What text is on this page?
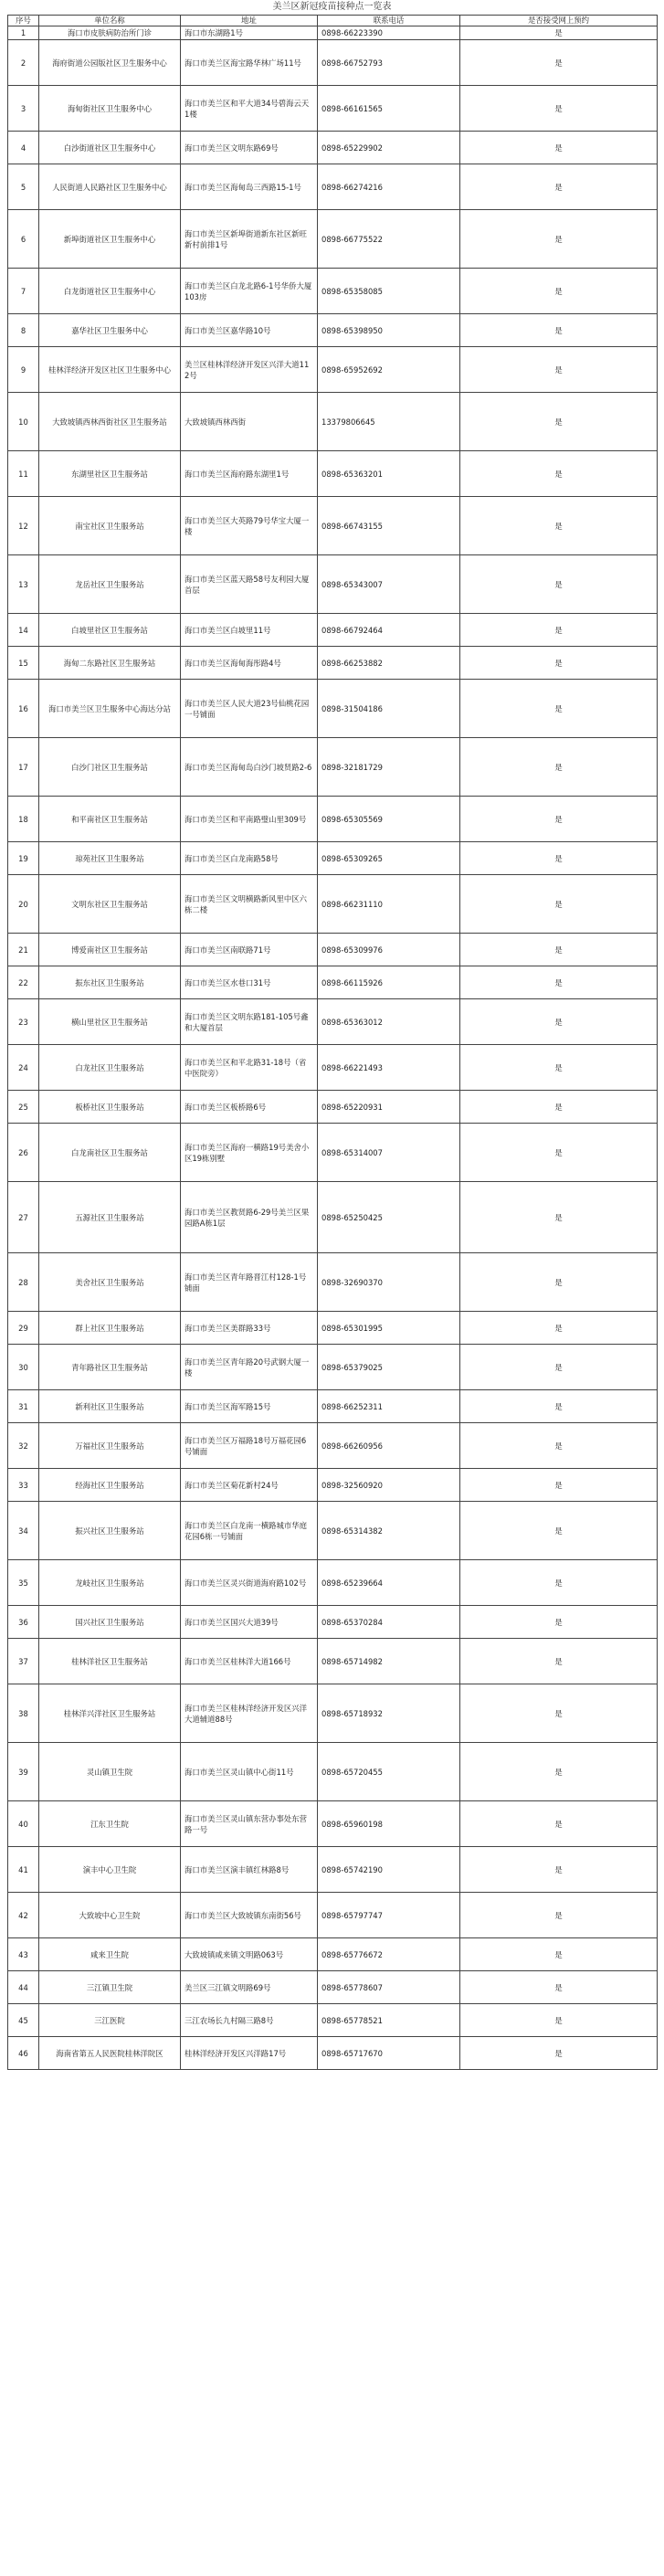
美兰区新冠疫苗接种点一览表
序号	单位名称	地址	联系电话	是否接受网上预约
1	海口市皮肤病防治所门诊	海口市东湖路1号	0898-66223390	是
2	海府街道公园版社区卫生服务中心	海口市美兰区海宝路华林广场11号	0898-66752793	是
3	海甸街社区卫生服务中心	海口市美兰区和平大道34号碧海云天1楼	0898-66161565	是
4	白沙街道社区卫生服务中心	海口市美兰区文明东路69号	0898-65229902	是
5	人民街道人民路社区卫生服务中心	海口市美兰区海甸岛三西路15-1号	0898-66274216	是
6	新埠街道社区卫生服务中心	海口市美兰区新埠街道新东社区新旺新村前排1号	0898-66775522	是
7	白龙街道社区卫生服务中心	海口市美兰区白龙北路6-1号华侨大厦103房	0898-65358085	是
8	嘉华社区卫生服务中心	海口市美兰区嘉华路10号	0898-65398950	是
9	桂林洋经济开发区社区卫生服务中心	美兰区桂林洋经济开发区兴洋大道112号	0898-65952692	是
10	大致坡镇西林西街社区卫生服务站	大致坡镇西林西街	13379806645	是
11	东湖里社区卫生服务站	海口市美兰区海府路东湖里1号	0898-65363201	是
12	南宝社区卫生服务站	海口市美兰区大英路79号华宝大厦一楼	0898-66743155	是
13	龙岳社区卫生服务站	海口市美兰区蓝天路58号友利园大厦首层	0898-65343007	是
14	白坡里社区卫生服务站	海口市美兰区白坡里11号	0898-66792464	是
15	海甸二东路社区卫生服务站	海口市美兰区海甸海彤路4号	0898-66253882	是
16	海口市美兰区卫生服务中心海达分站	海口市美兰区人民大道23号仙桃花园一号铺面	0898-31504186	是
17	白沙门社区卫生服务站	海口市美兰区海甸岛白沙门坡贤路2-6	0898-32181729	是
18	和平南社区卫生服务站	海口市美兰区和平南路璧山里309号	0898-65305569	是
19	琼苑社区卫生服务站	海口市美兰区白龙南路58号	0898-65309265	是
20	文明东社区卫生服务站	海口市美兰区文明横路新风里中区六栋二楼	0898-66231110	是
21	博爱南社区卫生服务站	海口市美兰区南联路71号	0898-65309976	是
22	振东社区卫生服务站	海口市美兰区水巷口31号	0898-66115926	是
23	横山里社区卫生服务站	海口市美兰区文明东路181-105号鑫和大厦首层	0898-65363012	是
24	白龙社区卫生服务站	海口市美兰区和平北路31-18号（省中医院旁）	0898-66221493	是
25	板桥社区卫生服务站	海口市美兰区板桥路6号	0898-65220931	是
26	白龙南社区卫生服务站	海口市美兰区海府一横路19号美舍小区19栋别墅	0898-65314007	是
27	五源社区卫生服务站	海口市美兰区教贤路6-29号美兰区果园路A栋1层	0898-65250425	是
28	美舍社区卫生服务站	海口市美兰区青年路晋江村128-1号铺面	0898-32690370	是
29	群上社区卫生服务站	海口市美兰区美群路33号	0898-65301995	是
30	青年路社区卫生服务站	海口市美兰区青年路20号武钢大厦一楼	0898-65379025	是
31	新利社区卫生服务站	海口市美兰区海军路15号	0898-66252311	是
32	万福社区卫生服务站	海口市美兰区万福路18号万福花园6号铺面	0898-66260956	是
33	经海社区卫生服务站	海口市美兰区菊花新村24号	0898-32560920	是
34	振兴社区卫生服务站	海口市美兰区白龙南一横路城市华庭花园6栋一号铺面	0898-65314382	是
35	龙岐社区卫生服务站	海口市美兰区灵兴街道海府路102号	0898-65239664	是
36	国兴社区卫生服务站	海口市美兰区国兴大道39号	0898-65370284	是
37	桂林洋社区卫生服务站	海口市美兰区桂林洋大道166号	0898-65714982	是
38	桂林洋兴洋社区卫生服务站	海口市美兰区桂林洋经济开发区兴洋大道辅道88号	0898-65718932	是
39	灵山镇卫生院	海口市美兰区灵山镇中心街11号	0898-65720455	是
40	江东卫生院	海口市美兰区灵山镇东营办事处东营路一号	0898-65960198	是
41	演丰中心卫生院	海口市美兰区演丰镇红林路8号	0898-65742190	是
42	大致坡中心卫生院	海口市美兰区大致坡镇东南街56号	0898-65797747	是
43	咸来卫生院	大致坡镇咸来镇文明路063号	0898-65776672	是
44	三江镇卫生院	美兰区三江镇文明路69号	0898-65778607	是
45	三江医院	三江农场长九村隔三路8号	0898-65778521	是
46	海南省第五人民医院桂林洋院区	桂林洋经济开发区兴洋路17号	0898-65717670	是
